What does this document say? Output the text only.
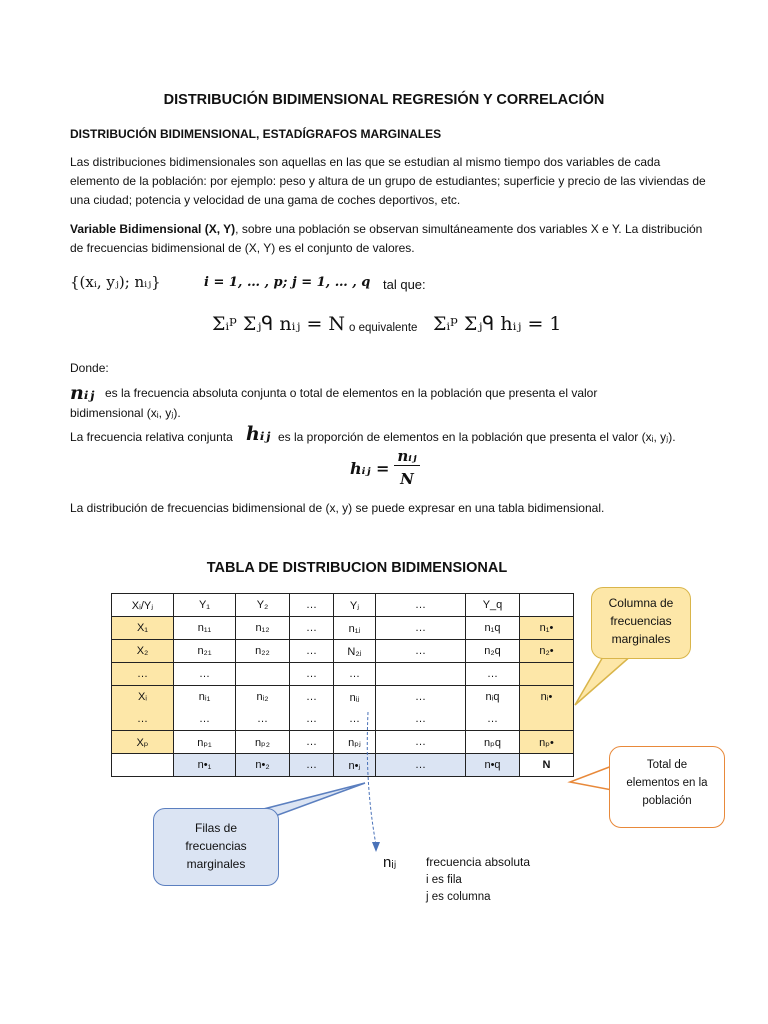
DISTRIBUCIÓN BIDIMENSIONAL REGRESIÓN Y CORRELACIÓN
DISTRIBUCIÓN BIDIMENSIONAL, ESTADÍGRAFOS MARGINALES
Las distribuciones bidimensionales son aquellas en las que se estudian al mismo tiempo dos variables de cada elemento de la población: por ejemplo: peso y altura de un grupo de estudiantes; superficie y precio de las viviendas de una ciudad; potencia y velocidad de una gama de coches deportivos, etc.
Variable Bidimensional (X, Y), sobre una población se observan simultáneamente dos variables X e Y. La distribución de frecuencias bidimensional de (X, Y) es el conjunto de valores.
{(xᵢ, yⱼ); nᵢⱼ}	i = 1, … , p; j = 1, … , q tal que:
Σᵢᵖ Σⱼᑫ nᵢⱼ = N o equivalente Σᵢᵖ Σⱼᑫ hᵢⱼ = 1
Donde:
nᵢⱼ es la frecuencia absoluta conjunta o total de elementos en la población que presenta el valor
bidimensional (xᵢ, yⱼ).
La frecuencia relativa conjunta hᵢⱼ es la proporción de elementos en la población que presenta el valor (xᵢ, yⱼ).
hᵢⱼ =
nᵢⱼ
N
La distribución de frecuencias bidimensional de (x, y) se puede expresar en una tabla bidimensional.
TABLA DE DISTRIBUCION BIDIMENSIONAL
Xᵢ/Yⱼ	Y₁	Y₂	…	Yⱼ	…	Y_q	
X₁	n₁₁	n₁₂	…	n₁ⱼ	…	n₁q	n₁•
X₂	n₂₁	n₂₂	…	N₂ⱼ	…	n₂q	n₂•
…	…		…	…		…	
Xᵢ	nᵢ₁	nᵢ₂	…	nᵢⱼ	…	nᵢq	nᵢ•
…	…	…	…	…	…	…	
Xₚ	nₚ₁	nₚ₂	…	nₚⱼ	…	nₚq	nₚ•
	n•₁	n•₂	…	n•ⱼ	…	n•q	N
Columna de frecuencias marginales
Total de elementos en la población
Filas de frecuencias marginales	nᵢⱼ frecuencia absoluta
i es fila
j es columna
